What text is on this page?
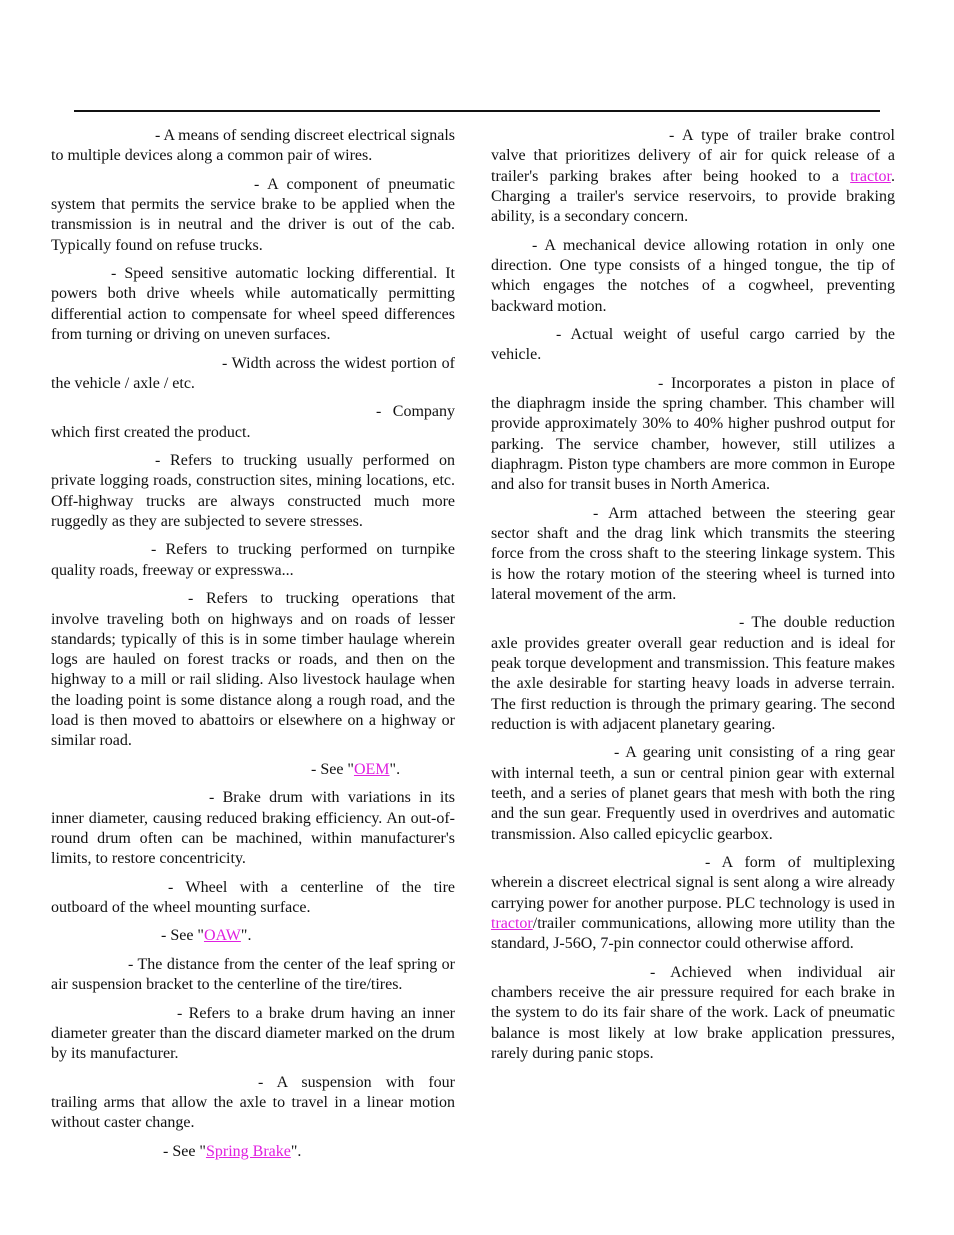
- A means of sending discreet electrical signals to multiple devices along a common pair of wires.

- A component of pneumatic system that permits the service brake to be applied when the transmission is in neutral and the driver is out of the cab. Typically found on refuse trucks.

- Speed sensitive automatic locking differential. It powers both drive wheels while automatically permitting differential action to compensate for wheel speed differences from turning or driving on uneven surfaces.

- Width across the widest portion of the vehicle / axle / etc.

- Company which first created the product.

- Refers to trucking usually performed on private logging roads, construction sites, mining locations, etc. Off-highway trucks are always constructed much more ruggedly as they are subjected to severe stresses.

- Refers to trucking performed on turnpike quality roads, freeway or expresswa...

- Refers to trucking operations that involve traveling both on highways and on roads of lesser standards; typically of this is in some timber haulage wherein logs are hauled on forest tracks or roads, and then on the highway to a mill or rail sliding. Also livestock haulage when the loading point is some distance along a rough road, and the load is then moved to abattoirs or elsewhere on a highway or similar road.

- See "OEM".

- Brake drum with variations in its inner diameter, causing reduced braking efficiency. An out-of-round drum often can be machined, within manufacturer's limits, to restore concentricity.

- Wheel with a centerline of the tire outboard of the wheel mounting surface.

- See "OAW".

- The distance from the center of the leaf spring or air suspension bracket to the centerline of the tire/tires.

- Refers to a brake drum having an inner diameter greater than the discard diameter marked on the drum by its manufacturer.

- A suspension with four trailing arms that allow the axle to travel in a linear motion without caster change.

- See "Spring Brake".

- A type of trailer brake control valve that prioritizes delivery of air for quick release of a trailer's parking brakes after being hooked to a tractor. Charging a trailer's service reservoirs, to provide braking ability, is a secondary concern.

- A mechanical device allowing rotation in only one direction. One type consists of a hinged tongue, the tip of which engages the notches of a cogwheel, preventing backward motion.

- Actual weight of useful cargo carried by the vehicle.

- Incorporates a piston in place of the diaphragm inside the spring chamber. This chamber will provide approximately 30% to 40% higher pushrod output for parking. The service chamber, however, still utilizes a diaphragm. Piston type chambers are more common in Europe and also for transit buses in North America.

- Arm attached between the steering gear sector shaft and the drag link which transmits the steering force from the cross shaft to the steering linkage system. This is how the rotary motion of the steering wheel is turned into lateral movement of the arm.

- The double reduction axle provides greater overall gear reduction and is ideal for peak torque development and transmission. This feature makes the axle desirable for starting heavy loads in adverse terrain. The first reduction is through the primary gearing. The second reduction is with adjacent planetary gearing.

- A gearing unit consisting of a ring gear with internal teeth, a sun or central pinion gear with external teeth, and a series of planet gears that mesh with both the ring and the sun gear. Frequently used in overdrives and automatic transmission. Also called epicyclic gearbox.

- A form of multiplexing wherein a discreet electrical signal is sent along a wire already carrying power for another purpose. PLC technology is used in tractor/trailer communications, allowing more utility than the standard, J-56O, 7-pin connector could otherwise afford.

- Achieved when individual air chambers receive the air pressure required for each brake in the system to do its fair share of the work. Lack of pneumatic balance is most likely at low brake application pressures, rarely during panic stops.
